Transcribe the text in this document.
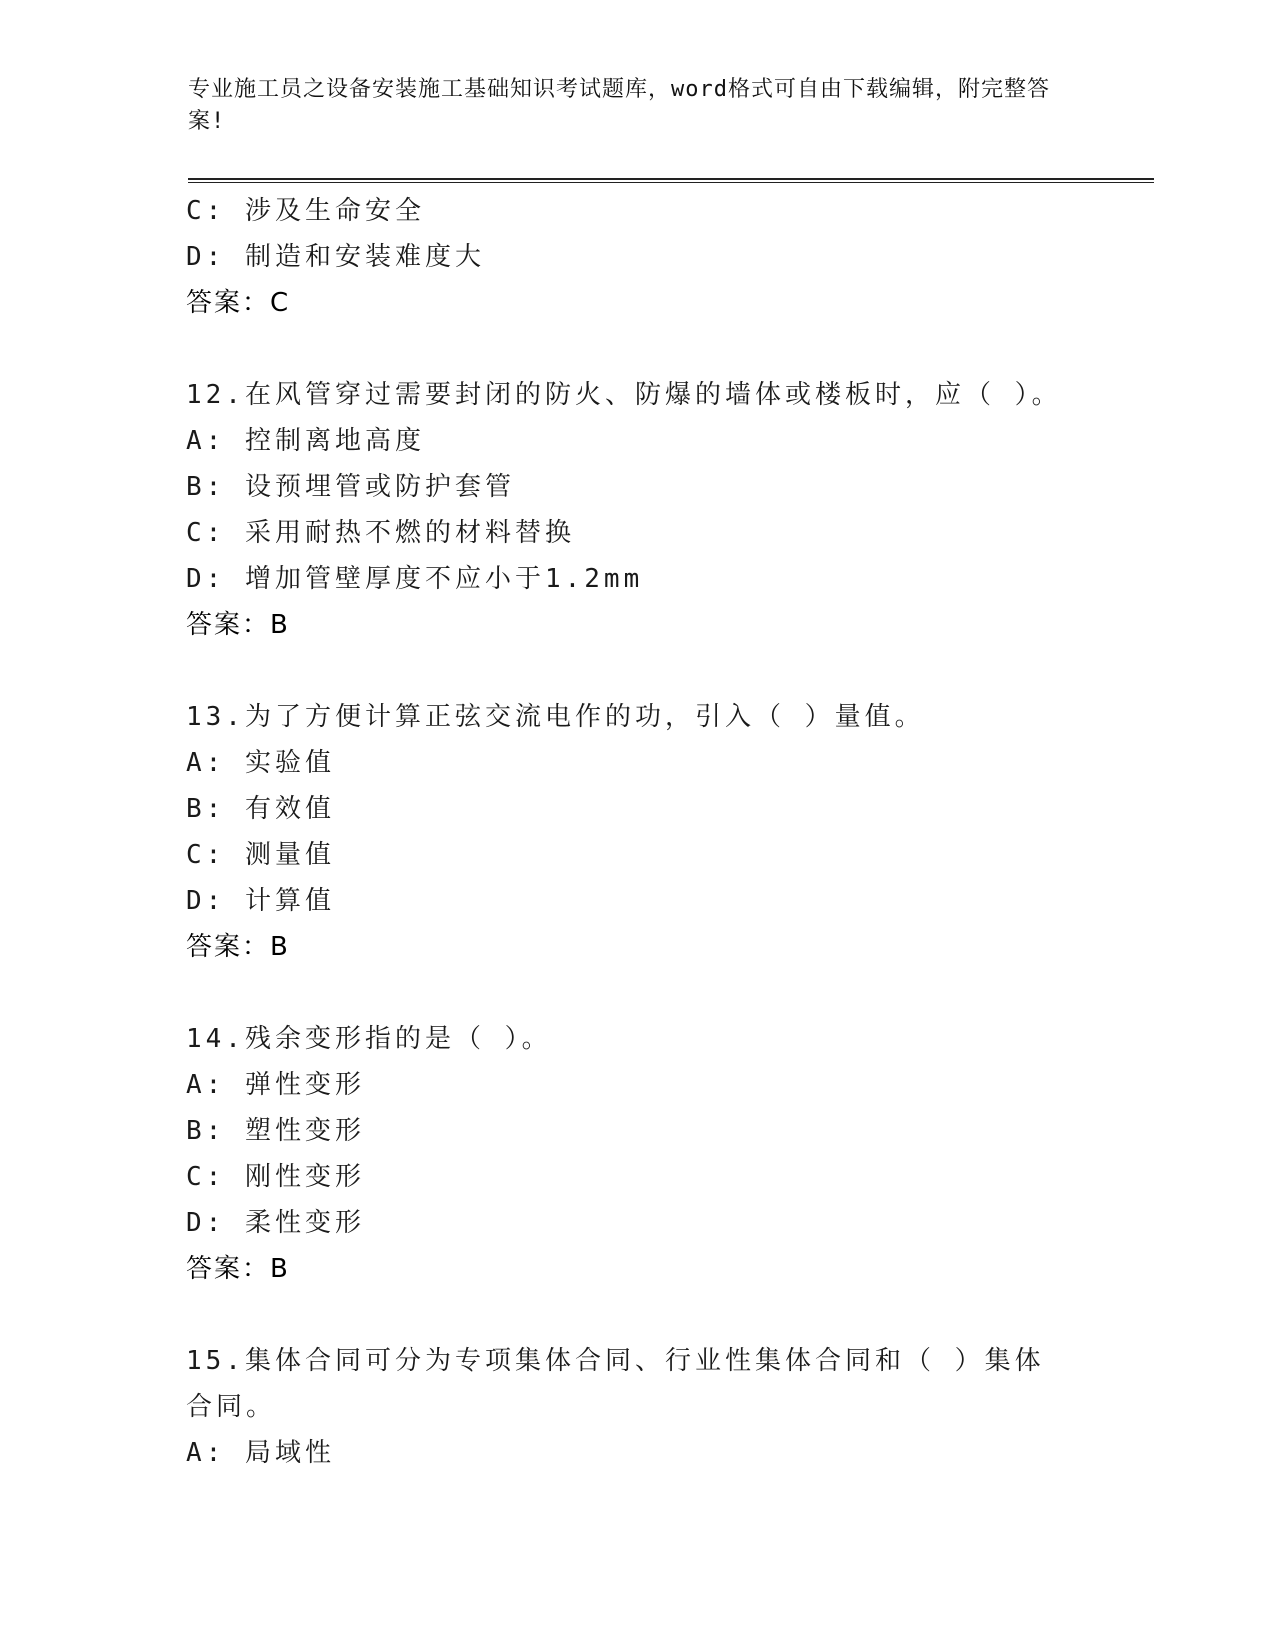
专业施工员之设备安装施工基础知识考试题库，word格式可自由下载编辑，附完整答案!
C: 涉及生命安全
D: 制造和安装难度大
答案：C
12.在风管穿过需要封闭的防火、防爆的墙体或楼板时，应（ ）。
A: 控制离地高度
B: 设预埋管或防护套管
C: 采用耐热不燃的材料替换
D: 增加管壁厚度不应小于1.2mm
答案：B
13.为了方便计算正弦交流电作的功，引入（ ）量值。
A: 实验值
B: 有效值
C: 测量值
D: 计算值
答案：B
14.残余变形指的是（ ）。
A: 弹性变形
B: 塑性变形
C: 刚性变形
D: 柔性变形
答案：B
15.集体合同可分为专项集体合同、行业性集体合同和（ ）集体合同。
A: 局域性
